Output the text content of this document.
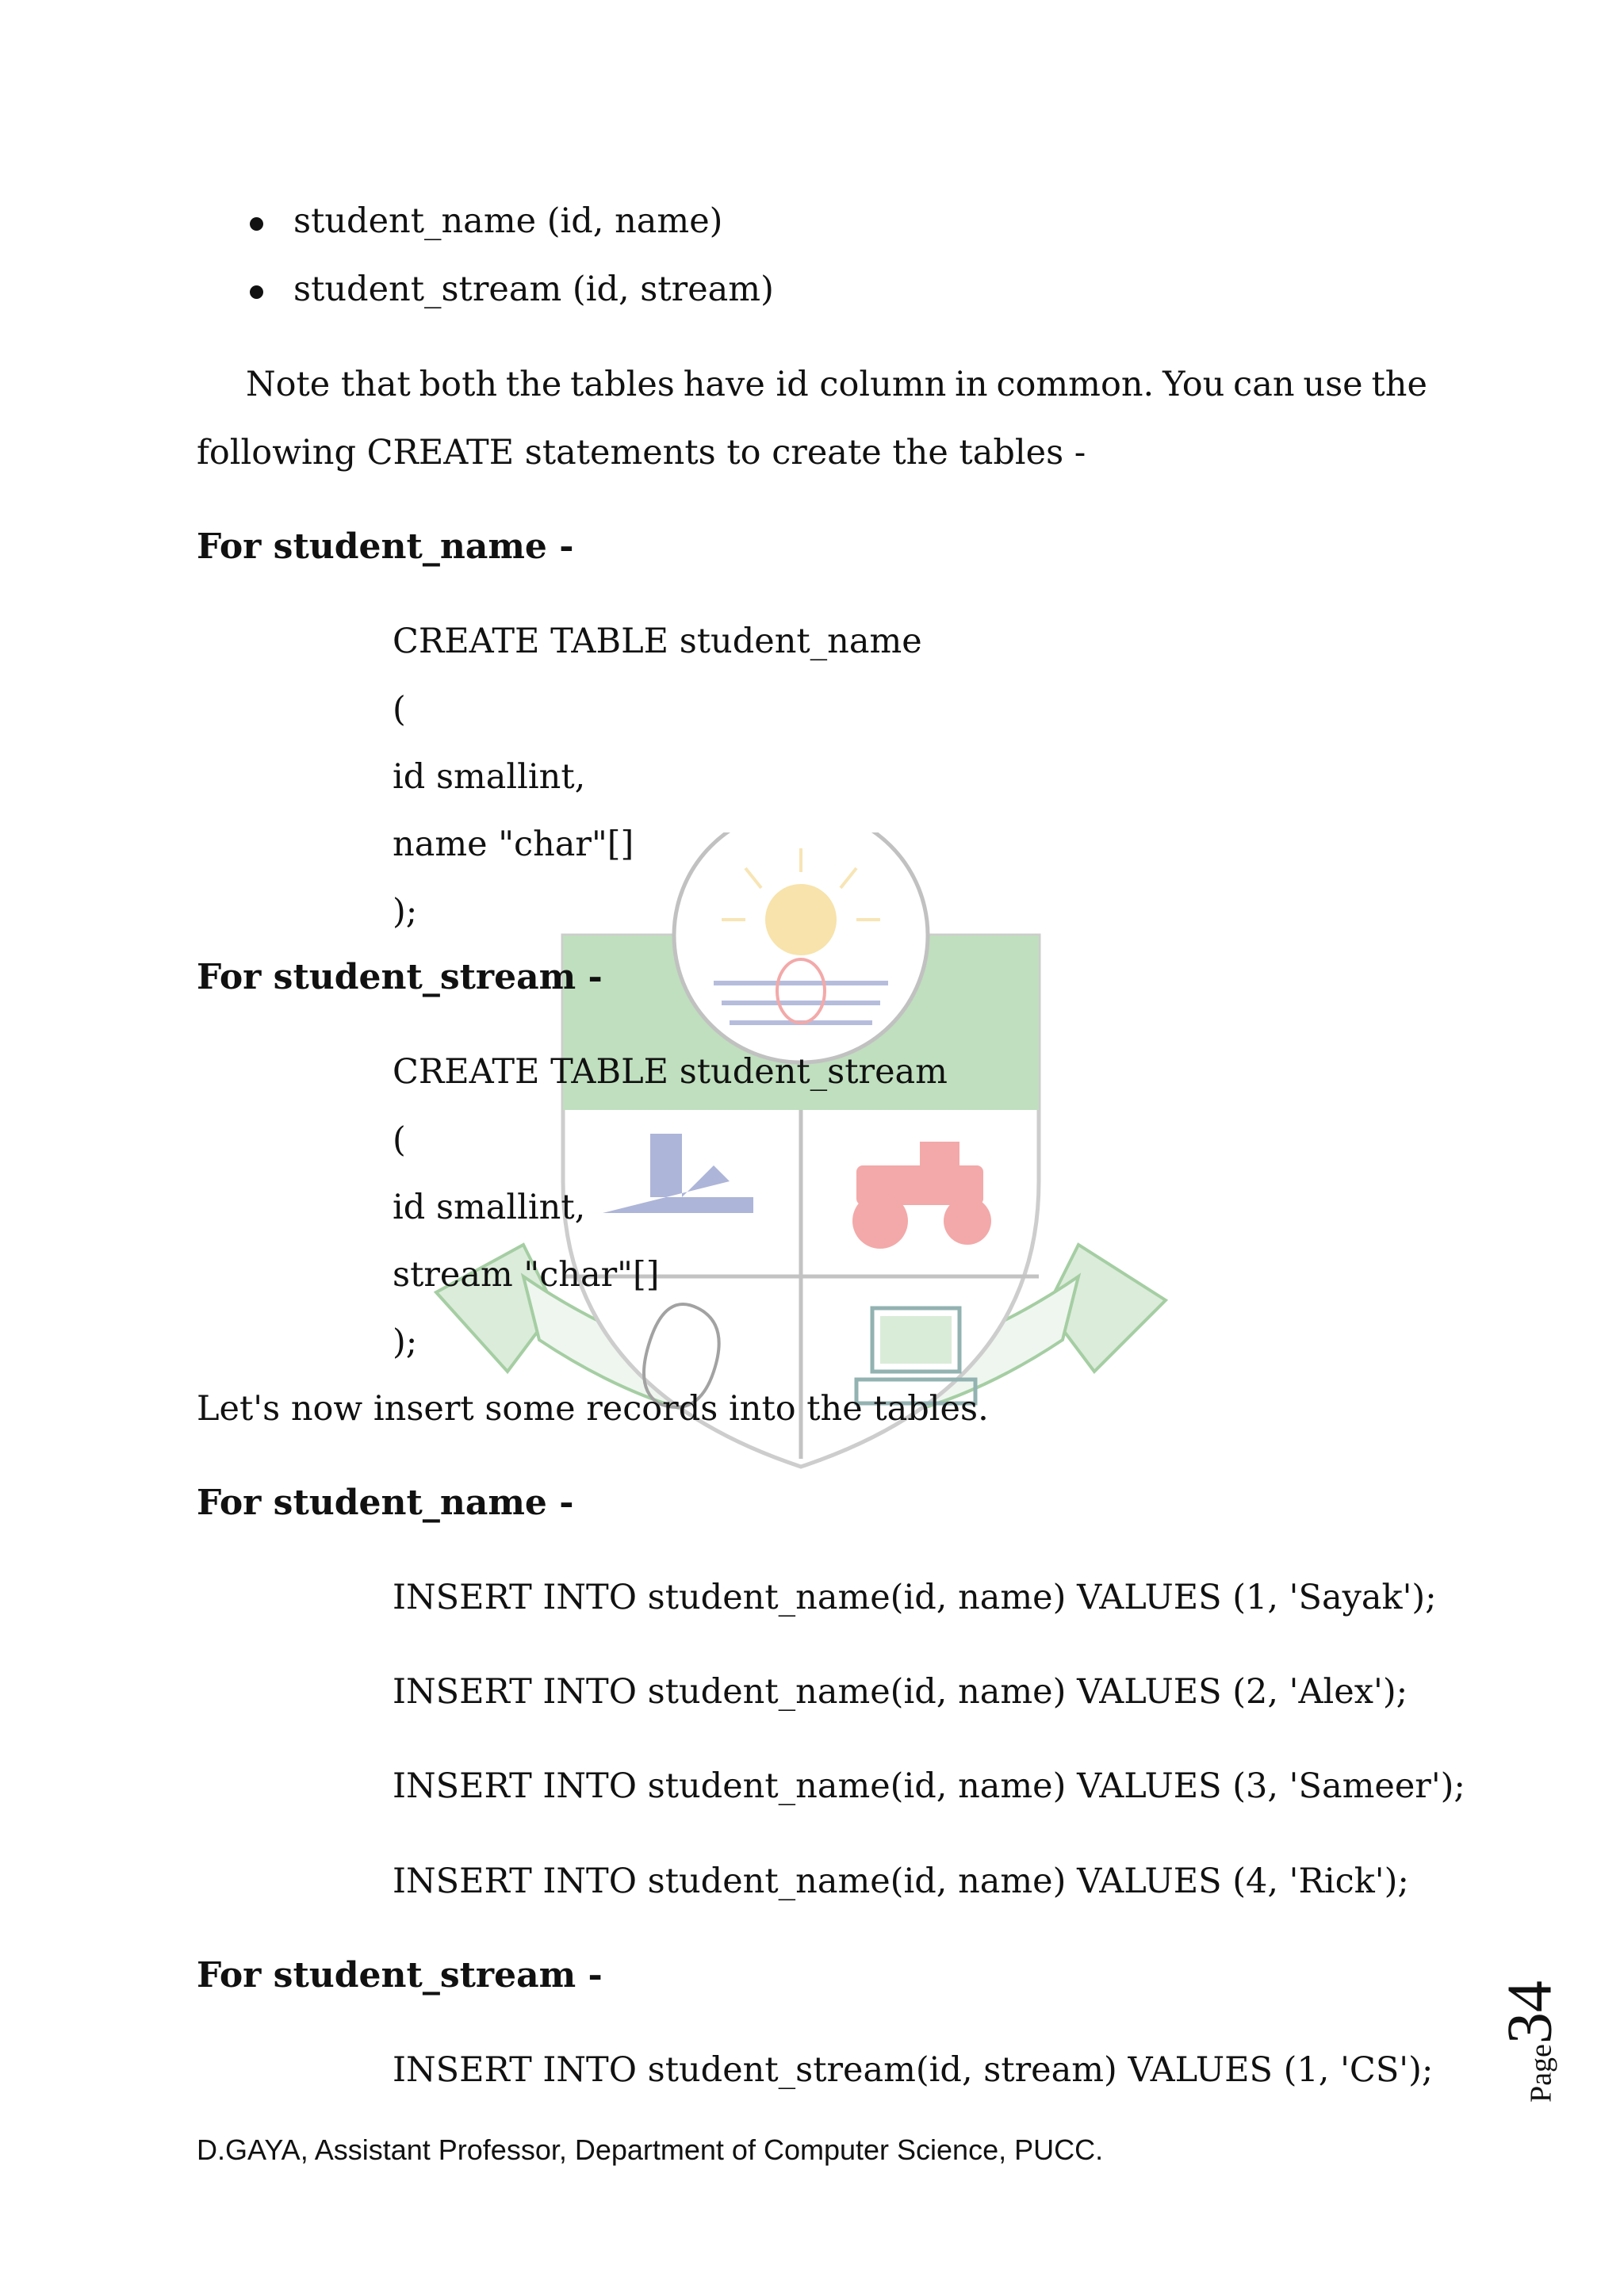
student_name (id, name)
student_stream (id, stream)
Note that both the tables have id column in common. You can use the
following CREATE statements to create the tables -
For student_name -
CREATE TABLE student_name
(
id smallint,
name "char"[]
);
For student_stream -
CREATE TABLE student_stream
(
id smallint,
stream "char"[]
);
Let's now insert some records into the tables.
For student_name -
INSERT INTO student_name(id, name) VALUES (1, 'Sayak');
INSERT INTO student_name(id, name) VALUES (2, 'Alex');
INSERT INTO student_name(id, name) VALUES (3, 'Sameer');
INSERT INTO student_name(id, name) VALUES (4, 'Rick');
For student_stream -
INSERT INTO student_stream(id, stream) VALUES (1, 'CS');
D.GAYA, Assistant Professor, Department of Computer Science, PUCC.
Page34
